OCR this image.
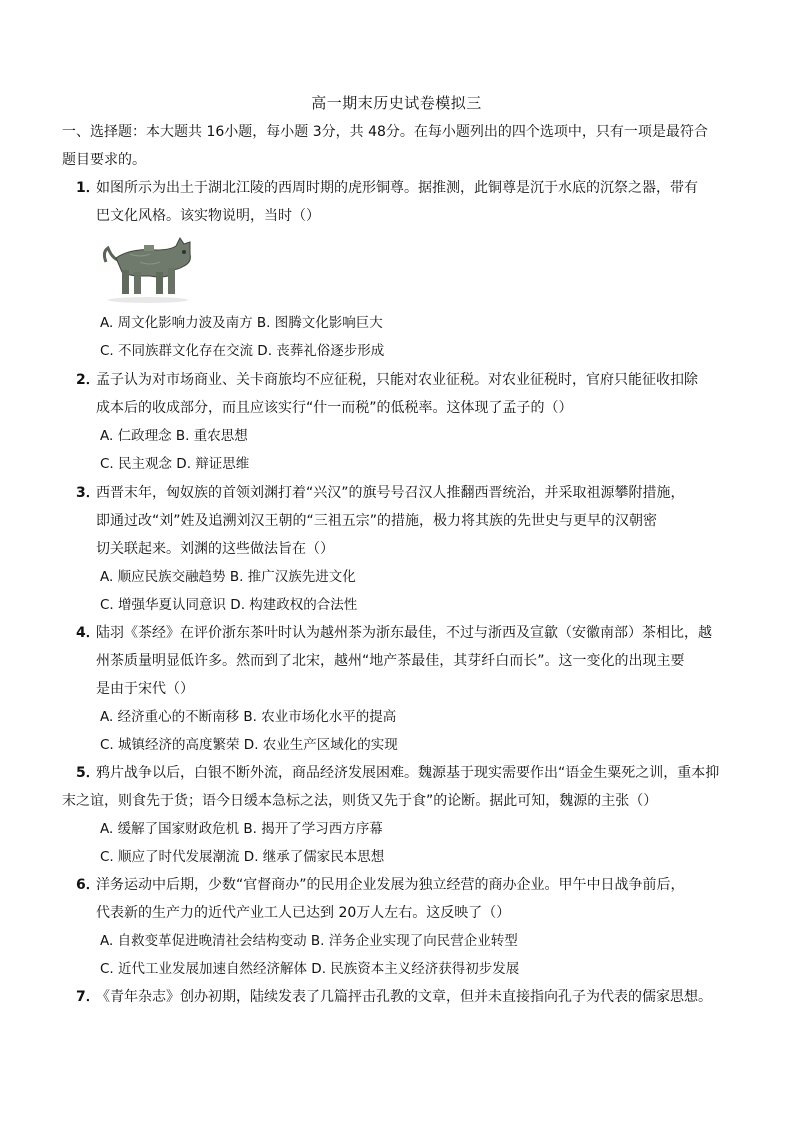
高一期末历史试卷模拟三
一、选择题：本大题共 16小题，每小题 3分，共 48分。在每小题列出的四个选项中，只有一项是最符合
题目要求的。
1．
如图所示为出土于湖北江陵的西周时期的虎形铜尊。据推测，此铜尊是沉于水底的沉祭之器，带有
巴文化风格。该实物说明，当时（）
A. 周文化影响力波及南方 B. 图腾文化影响巨大
C. 不同族群文化存在交流 D. 丧葬礼俗逐步形成
2．
孟子认为对市场商业、关卡商旅均不应征税，只能对农业征税。对农业征税时，官府只能征收扣除
成本后的收成部分，而且应该实行“什一而税”的低税率。这体现了孟子的（）
A. 仁政理念 B. 重农思想
C. 民主观念 D. 辩证思维
3．
西晋末年，匈奴族的首领刘渊打着“兴汉”的旗号号召汉人推翻西晋统治，并采取祖源攀附措施，
即通过改“刘”姓及追溯刘汉王朝的“三祖五宗”的措施，极力将其族的先世史与更早的汉朝密
切关联起来。刘渊的这些做法旨在（）
A. 顺应民族交融趋势 B. 推广汉族先进文化
C. 增强华夏认同意识 D. 构建政权的合法性
4．
陆羽《茶经》在评价浙东茶叶时认为越州茶为浙东最佳，不过与浙西及宣歙（安徽南部）茶相比，越
州茶质量明显低许多。然而到了北宋，越州“地产茶最佳，其芽纤白而长”。这一变化的出现主要
是由于宋代（）
A. 经济重心的不断南移 B. 农业市场化水平的提高
C. 城镇经济的高度繁荣 D. 农业生产区域化的实现
5．
鸦片战争以后，白银不断外流，商品经济发展困难。魏源基于现实需要作出“语金生粟死之训，重本抑
末之谊，则食先于货；语今日缓本急标之法，则货又先于食”的论断。据此可知，魏源的主张（）
A. 缓解了国家财政危机 B. 揭开了学习西方序幕
C. 顺应了时代发展潮流 D. 继承了儒家民本思想
6．
洋务运动中后期，少数“官督商办”的民用企业发展为独立经营的商办企业。甲午中日战争前后，
代表新的生产力的近代产业工人已达到 20万人左右。这反映了（）
A. 自救变革促进晚清社会结构变动 B. 洋务企业实现了向民营企业转型
C. 近代工业发展加速自然经济解体 D. 民族资本主义经济获得初步发展
7．
《青年杂志》创办初期，陆续发表了几篇抨击孔教的文章，但并未直接指向孔子为代表的儒家思想。
